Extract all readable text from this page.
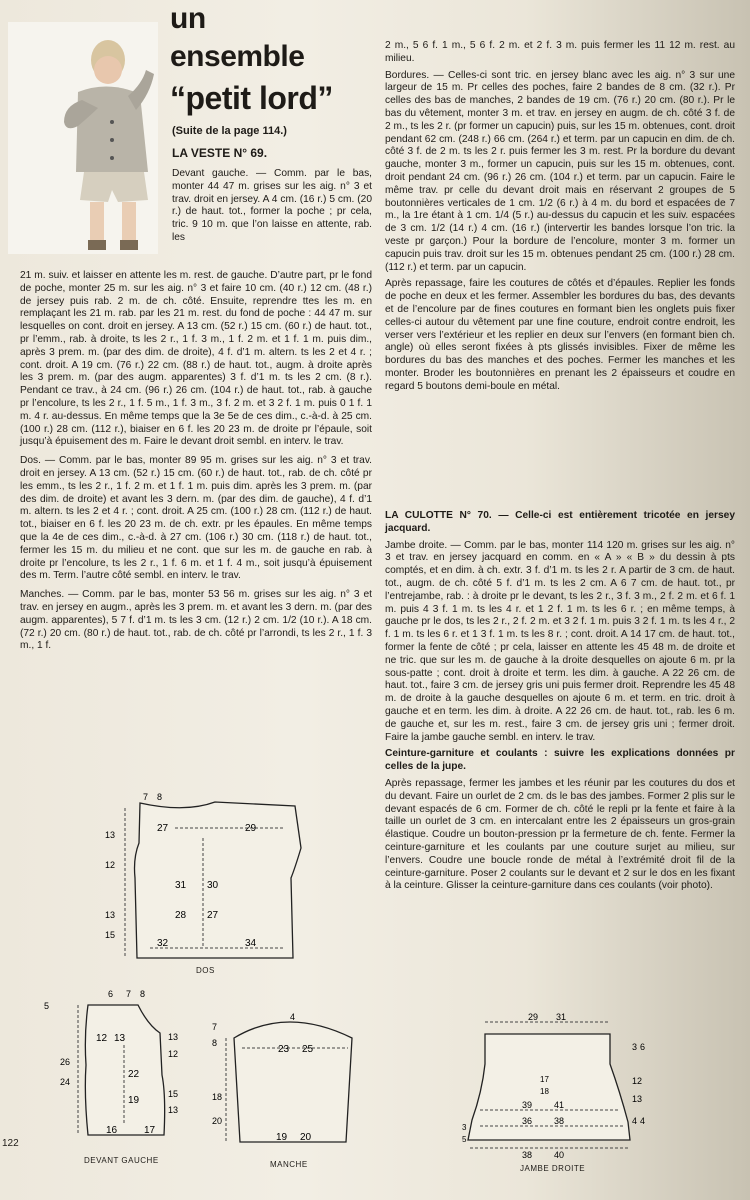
un
ensemble
“petit lord”
(Suite de la page 114.)
LA VESTE N° 69.
Devant gauche. — Comm. par le bas, monter 44 47 m. grises sur les aig. n° 3 et trav. droit en jersey. A 4 cm. (16 r.) 5 cm. (20 r.) de haut. tot., former la poche ; pr cela, tric. 9 10 m. que l’on laisse en attente, rab. les
21 m. suiv. et laisser en attente les m. rest. de gauche. D’autre part, pr le fond de poche, monter 25 m. sur les aig. n° 3 et faire 10 cm. (40 r.) 12 cm. (48 r.) de jersey puis rab. 2 m. de ch. côté. Ensuite, reprendre ttes les m. en remplaçant les 21 m. rab. par les 21 m. rest. du fond de poche : 44 47 m. sur lesquelles on cont. droit en jersey. A 13 cm. (52 r.) 15 cm. (60 r.) de haut. tot., pr l’emm., rab. à droite, ts les 2 r., 1 f. 3 m., 1 f. 2 m. et 1 f. 1 m. puis dim., après 3 prem. m. (par des dim. de droite), 4 f. d’1 m. altern. ts les 2 et 4 r. ; cont. droit. A 19 cm. (76 r.) 22 cm. (88 r.) de haut. tot., augm. à droite après les 3 prem. m. (par des augm. apparentes) 3 f. d’1 m. ts les 2 cm. (8 r.). Pendant ce trav., à 24 cm. (96 r.) 26 cm. (104 r.) de haut. tot., rab. à gauche pr l’encolure, ts les 2 r., 1 f. 5 m., 1 f. 3 m., 3 f. 2 m. et 3 2 f. 1 m. puis 0 1 f. 1 m. 4 r. au-dessus. En même temps que la 3e 5e de ces dim., c.-à-d. à 25 cm. (100 r.) 28 cm. (112 r.), biaiser en 6 f. les 20 23 m. de droite pr l’épaule, soit jusqu’à épuisement des m. Faire le devant droit sembl. en interv. le trav.
Dos. — Comm. par le bas, monter 89 95 m. grises sur les aig. n° 3 et trav. droit en jersey. A 13 cm. (52 r.) 15 cm. (60 r.) de haut. tot., rab. de ch. côté pr les emm., ts les 2 r., 1 f. 2 m. et 1 f. 1 m. puis dim. après les 3 prem. m. (par des dim. de droite) et avant les 3 dern. m. (par des dim. de gauche), 4 f. d’1 m. altern. ts les 2 et 4 r. ; cont. droit. A 25 cm. (100 r.) 28 cm. (112 r.) de haut. tot., biaiser en 6 f. les 20 23 m. de ch. extr. pr les épaules. En même temps que la 4e de ces dim., c.-à-d. à 27 cm. (106 r.) 30 cm. (118 r.) de haut. tot., fermer les 15 m. du milieu et ne cont. que sur les m. de gauche en rab. à droite pr l’encolure, ts les 2 r., 1 f. 6 m. et 1 f. 4 m., soit jusqu’à épuisement des m. Term. l’autre côté sembl. en interv. le trav.
Manches. — Comm. par le bas, monter 53 56 m. grises sur les aig. n° 3 et trav. en jersey en augm., après les 3 prem. m. et avant les 3 dern. m. (par des augm. apparentes), 5 7 f. d’1 m. ts les 3 cm. (12 r.) 2 cm. 1/2 (10 r.). A 18 cm. (72 r.) 20 cm. (80 r.) de haut. tot., rab. de ch. côté pr l’arrondi, ts les 2 r., 1 f. 3 m., 1 f.
2 m., 5 6 f. 1 m., 5 6 f. 2 m. et 2 f. 3 m. puis fermer les 11 12 m. rest. au milieu.
Bordures. — Celles-ci sont tric. en jersey blanc avec les aig. n° 3 sur une largeur de 15 m. Pr celles des poches, faire 2 bandes de 8 cm. (32 r.). Pr celles des bas de manches, 2 bandes de 19 cm. (76 r.) 20 cm. (80 r.). Pr le bas du vêtement, monter 3 m. et trav. en jersey en augm. de ch. côté 3 f. de 2 m., ts les 2 r. (pr former un capucin) puis, sur les 15 m. obtenues, cont. droit pendant 62 cm. (248 r.) 66 cm. (264 r.) et term. par un capucin en dim. de ch. côté 3 f. de 2 m. ts les 2 r. puis fermer les 3 m. rest. Pr la bordure du devant gauche, monter 3 m., former un capucin, puis sur les 15 m. obtenues, cont. droit pendant 24 cm. (96 r.) 26 cm. (104 r.) et term. par un capucin. Faire le même trav. pr celle du devant droit mais en réservant 2 groupes de 5 boutonnières verticales de 1 cm. 1/2 (6 r.) à 4 m. du bord et espacées de 7 m., la 1re étant à 1 cm. 1/4 (5 r.) au-dessus du capucin et les suiv. espacées de 3 cm. 1/2 (14 r.) 4 cm. (16 r.) (intervertir les bandes lorsque l’on tric. la veste pr garçon.) Pour la bordure de l’encolure, monter 3 m. former un capucin puis trav. droit sur les 15 m. obtenues pendant 25 cm. (100 r.) 28 cm. (112 r.) et term. par un capucin.
Après repassage, faire les coutures de côtés et d’épaules. Replier les fonds de poche en deux et les fermer. Assembler les bordures du bas, des devants et de l’encolure par de fines coutures en formant bien les onglets puis fixer celles-ci autour du vêtement par une fine couture, endroit contre endroit, les verser vers l’extérieur et les replier en deux sur l’envers (en formant bien ch. angle) où elles seront fixées à pts glissés invisibles. Fixer de même les bordures du bas des manches et des poches. Fermer les manches et les monter. Broder les boutonnières en prenant les 2 épaisseurs et coudre en regard 5 boutons demi-boule en métal.
LA CULOTTE N° 70. — Celle-ci est entièrement tricotée en jersey jacquard.
Jambe droite. — Comm. par le bas, monter 114 120 m. grises sur les aig. n° 3 et trav. en jersey jacquard en comm. en « A » « B » du dessin à pts comptés, et en dim. à ch. extr. 3 f. d’1 m. ts les 2 r. A partir de 3 cm. de haut. tot., augm. de ch. côté 5 f. d’1 m. ts les 2 cm. A 6 7 cm. de haut. tot., pr l’entrejambe, rab. : à droite pr le devant, ts les 2 r., 3 f. 3 m., 2 f. 2 m. et 6 f. 1 m. puis 4 3 f. 1 m. ts les 4 r. et 1 2 f. 1 m. ts les 6 r. ; en même temps, à gauche pr le dos, ts les 2 r., 2 f. 2 m. et 3 2 f. 1 m. puis 3 2 f. 1 m. ts les 4 r., 2 f. 1 m. ts les 6 r. et 1 3 f. 1 m. ts les 8 r. ; cont. droit. A 14 17 cm. de haut. tot., former la fente de côté ; pr cela, laisser en attente les 45 48 m. de droite et ne tric. que sur les m. de gauche à la droite desquelles on ajoute 6 m. pr la sous-patte ; cont. droit à droite et term. les dim. à gauche. A 22 26 cm. de haut. tot., faire 3 cm. de jersey gris uni puis fermer droit. Reprendre les 45 48 m. de droite à la gauche desquelles on ajoute 6 m. et term. en tric. droit à gauche et en term. les dim. à droite. A 22 26 cm. de haut. tot., rab. les 6 m. de gauche et, sur les m. rest., faire 3 cm. de jersey gris uni ; fermer droit. Faire la jambe gauche sembl. en interv. le trav.
Ceinture-garniture et coulants : suivre les explications données pr celles de la jupe.
Après repassage, fermer les jambes et les réunir par les coutures du dos et du devant. Faire un ourlet de 2 cm. ds le bas des jambes. Former 2 plis sur le devant espacés de 6 cm. Former de ch. côté le repli pr la fente et faire à la taille un ourlet de 3 cm. en intercalant entre les 2 épaisseurs un gros-grain élastique. Coudre un bouton-pression pr la fermeture de ch. fente. Fermer la ceinture-garniture et les coulants par une couture surjet au milieu, sur l’envers. Coudre une boucle ronde de métal à l’extrémité droit fil de la ceinture-garniture. Poser 2 coulants sur le devant et 2 sur le dos en les fixant à la ceinture. Glisser la ceinture-garniture dans ces coulants (voir photo).
7 8
27	29
31 30
28 27
13
12
13
15
32	34
DOS
6 7 8
5
12 13
22
19
24
26
12
13
13
15
16	17
DEVANT GAUCHE
4
23 25
18
20
7
8
19 20
MANCHE
29 31
3 6
12
13
4 4
39 41
36 38
38 40
17
18
3
5
JAMBE DROITE
122
